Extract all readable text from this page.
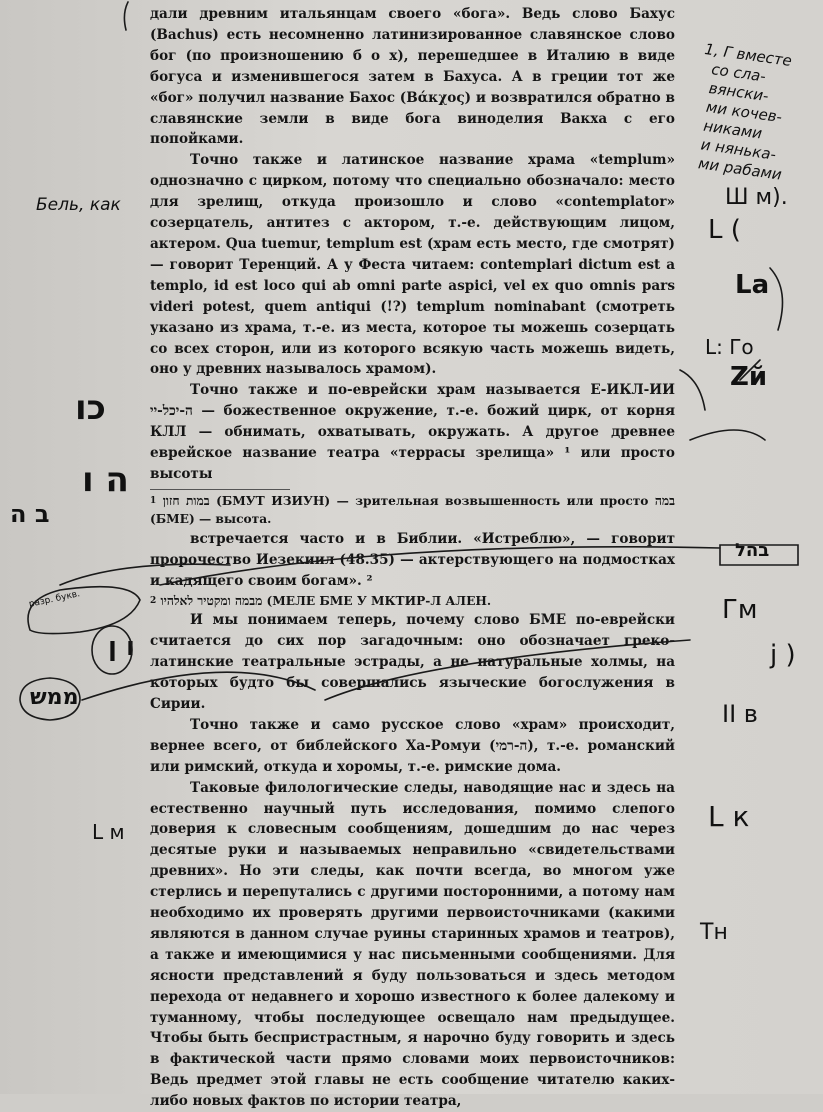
дали древним итальянцам своего «бога». Ведь слово Бахус (Bachus) есть несомненно латинизированное славянское слово бог (по произношению б о х), перешедшее в Италию в виде богуса и изменившегося затем в Бахуса. А в греции тот же «бог» получил название Бахос (Βάκχος) и возвратился обратно в славянские земли в виде бога виноделия Вакха с его попойками.

Точно также и латинское название храма «templum» однозначно с цирком, потому что специально обозначало: место для зрелищ, откуда произошло и слово «contemplator» созерцатель, антитез с актором, т.-е. действующим лицом, актером. Qua tuemur, templum est (храм есть место, где смотрят) — говорит Теренций. А у Феста читаем: contemplari dictum est a templo, id est loco qui ab omni parte aspici, vel ex quo omnis pars videri potest, quem antiqui (!?) templum nominabant (смотреть указано из храма, т.-е. из места, которое ты можешь созерцать со всех сторон, или из которого всякую часть можешь видеть, оно у древних называлось храмом).

Точно также и по-еврейски храм называется Е-ИКЛ-ИИ ה-יכל-יי — божественное окружение, т.-е. божий цирк, от корня КЛЛ — обнимать, охватывать, окружать. А другое древнее еврейское название театра «террасы зрелища» ¹ или просто высоты

$^1$ במות חזון (БМУТ ИЗИУН) — зрительная возвышенность или просто במה (БМЕ) — высота.

встречается часто и в Библии. «Истреблю», — говорит пророчество Иезекиил (48.35) — актерствующего на подмостках и кадящего своим богам». ²

$^2$ מבמה ומקטיר לאלהיו (МЕЛЕ БМЕ У МКТИР-Л АЛЕН.

И мы понимаем теперь, почему слово БМЕ по-еврейски считается до сих пор загадочным: оно обозначает греко-латинские театральные эстрады, а не натуральные холмы, на которых будто бы совершались языческие богослужения в Сирии.

Точно также и само русское слово «храм» происходит, вернее всего, от библейского Ха-Ромуи (ה-רמי), т.-е. романский или римский, откуда и хоромы, т.-е. римские дома.

Таковые филологические следы, наводящие нас и здесь на естественно научный путь исследования, помимо слепого доверия к словесным сообщениям, дошедшим до нас через десятые руки и называемых неправильно «свидетельствами древних». Но эти следы, как почти всегда, во многом уже стерлись и перепутались с другими посторонними, а потому нам необходимо их проверять другими первоисточниками (какими являются в данном случае руины старинных храмов и театров), а также и имеющимися у нас письменными сообщениями. Для ясности представлений я буду пользоваться и здесь методом перехода от недавнего и хорошо известного к более далекому и туманному, чтобы последующее освещало нам предыдущее. Чтобы быть беспристрастным, я нарочно буду говорить и здесь в фактической части прямо словами моих первоисточников: Ведь предмет этой главы не есть сообщение читателю каких-либо новых фактов по истории театра,

1, Г вместе
со сла-
вянски-
ми кочев-
никами
и нянька-
ми рабами
Ш м).
L (
La
L: Го
Zй
Бель, как
כו
ה ו
ב ה
ו ן
ממש
разр. букв.
בהל
Гм
II в
L к
L м
Тн
ј )
